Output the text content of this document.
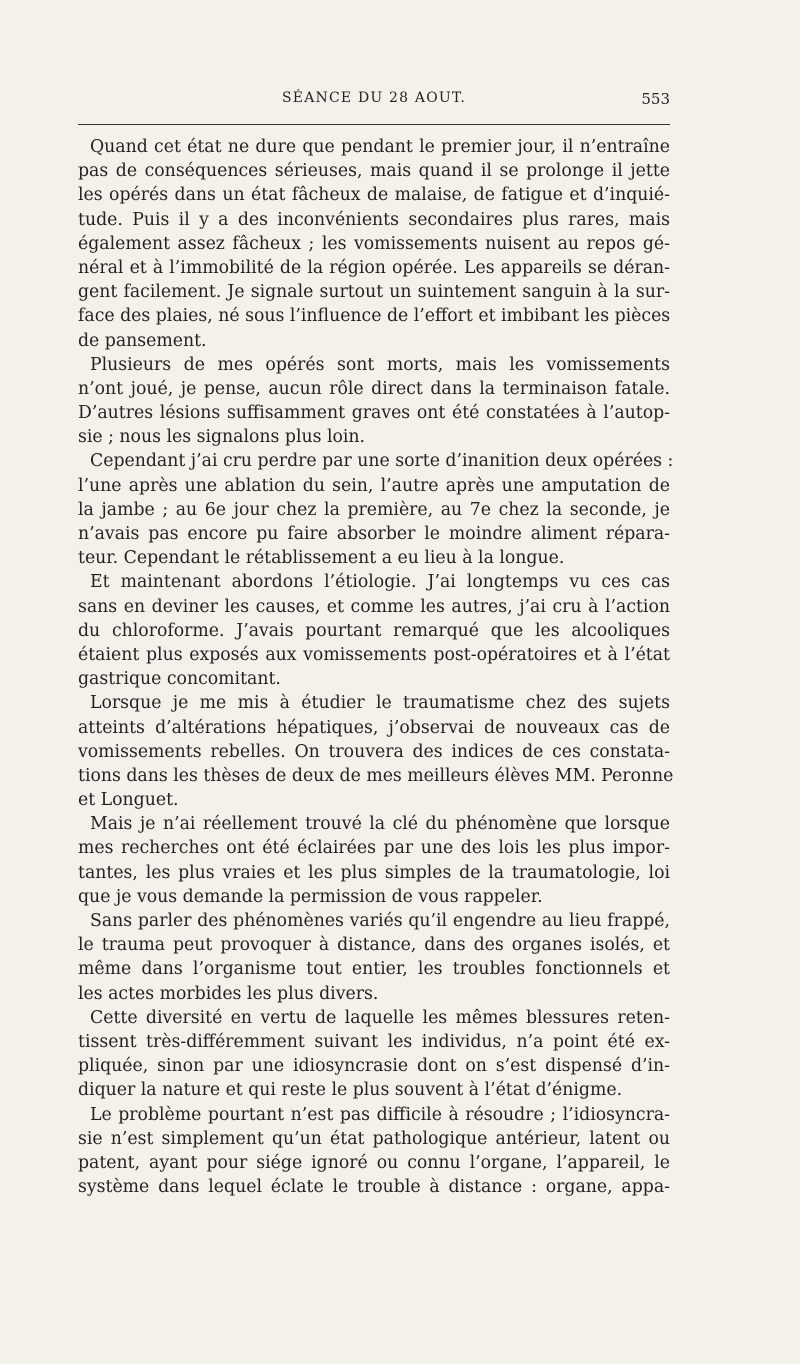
SÉANCE DU 28 AOUT.	553
Quand cet état ne dure que pendant le premier jour, il n’entraîne
pas de conséquences sérieuses, mais quand il se prolonge il jette
les opérés dans un état fâcheux de malaise, de fatigue et d’inquié-
tude. Puis il y a des inconvénients secondaires plus rares, mais
également assez fâcheux ; les vomissements nuisent au repos gé-
néral et à l’immobilité de la région opérée. Les appareils se déran-
gent facilement. Je signale surtout un suintement sanguin à la sur-
face des plaies, né sous l’influence de l’effort et imbibant les pièces
de pansement.
Plusieurs de mes opérés sont morts, mais les vomissements
n’ont joué, je pense, aucun rôle direct dans la terminaison fatale.
D’autres lésions suffisamment graves ont été constatées à l’autop-
sie ; nous les signalons plus loin.
Cependant j’ai cru perdre par une sorte d’inanition deux opérées :
l’une après une ablation du sein, l’autre après une amputation de
la jambe ; au 6e jour chez la première, au 7e chez la seconde, je
n’avais pas encore pu faire absorber le moindre aliment répara-
teur. Cependant le rétablissement a eu lieu à la longue.
Et maintenant abordons l’étiologie. J’ai longtemps vu ces cas
sans en deviner les causes, et comme les autres, j’ai cru à l’action
du chloroforme. J’avais pourtant remarqué que les alcooliques
étaient plus exposés aux vomissements post-opératoires et à l’état
gastrique concomitant.
Lorsque je me mis à étudier le traumatisme chez des sujets
atteints d’altérations hépatiques, j’observai de nouveaux cas de
vomissements rebelles. On trouvera des indices de ces constata-
tions dans les thèses de deux de mes meilleurs élèves MM. Peronne
et Longuet.
Mais je n’ai réellement trouvé la clé du phénomène que lorsque
mes recherches ont été éclairées par une des lois les plus impor-
tantes, les plus vraies et les plus simples de la traumatologie, loi
que je vous demande la permission de vous rappeler.
Sans parler des phénomènes variés qu’il engendre au lieu frappé,
le trauma peut provoquer à distance, dans des organes isolés, et
même dans l’organisme tout entier, les troubles fonctionnels et
les actes morbides les plus divers.
Cette diversité en vertu de laquelle les mêmes blessures reten-
tissent très-différemment suivant les individus, n’a point été ex-
pliquée, sinon par une idiosyncrasie dont on s’est dispensé d’in-
diquer la nature et qui reste le plus souvent à l’état d’énigme.
Le problème pourtant n’est pas difficile à résoudre ; l’idiosyncra-
sie n’est simplement qu’un état pathologique antérieur, latent ou
patent, ayant pour siége ignoré ou connu l’organe, l’appareil, le
système dans lequel éclate le trouble à distance : organe, appa-
